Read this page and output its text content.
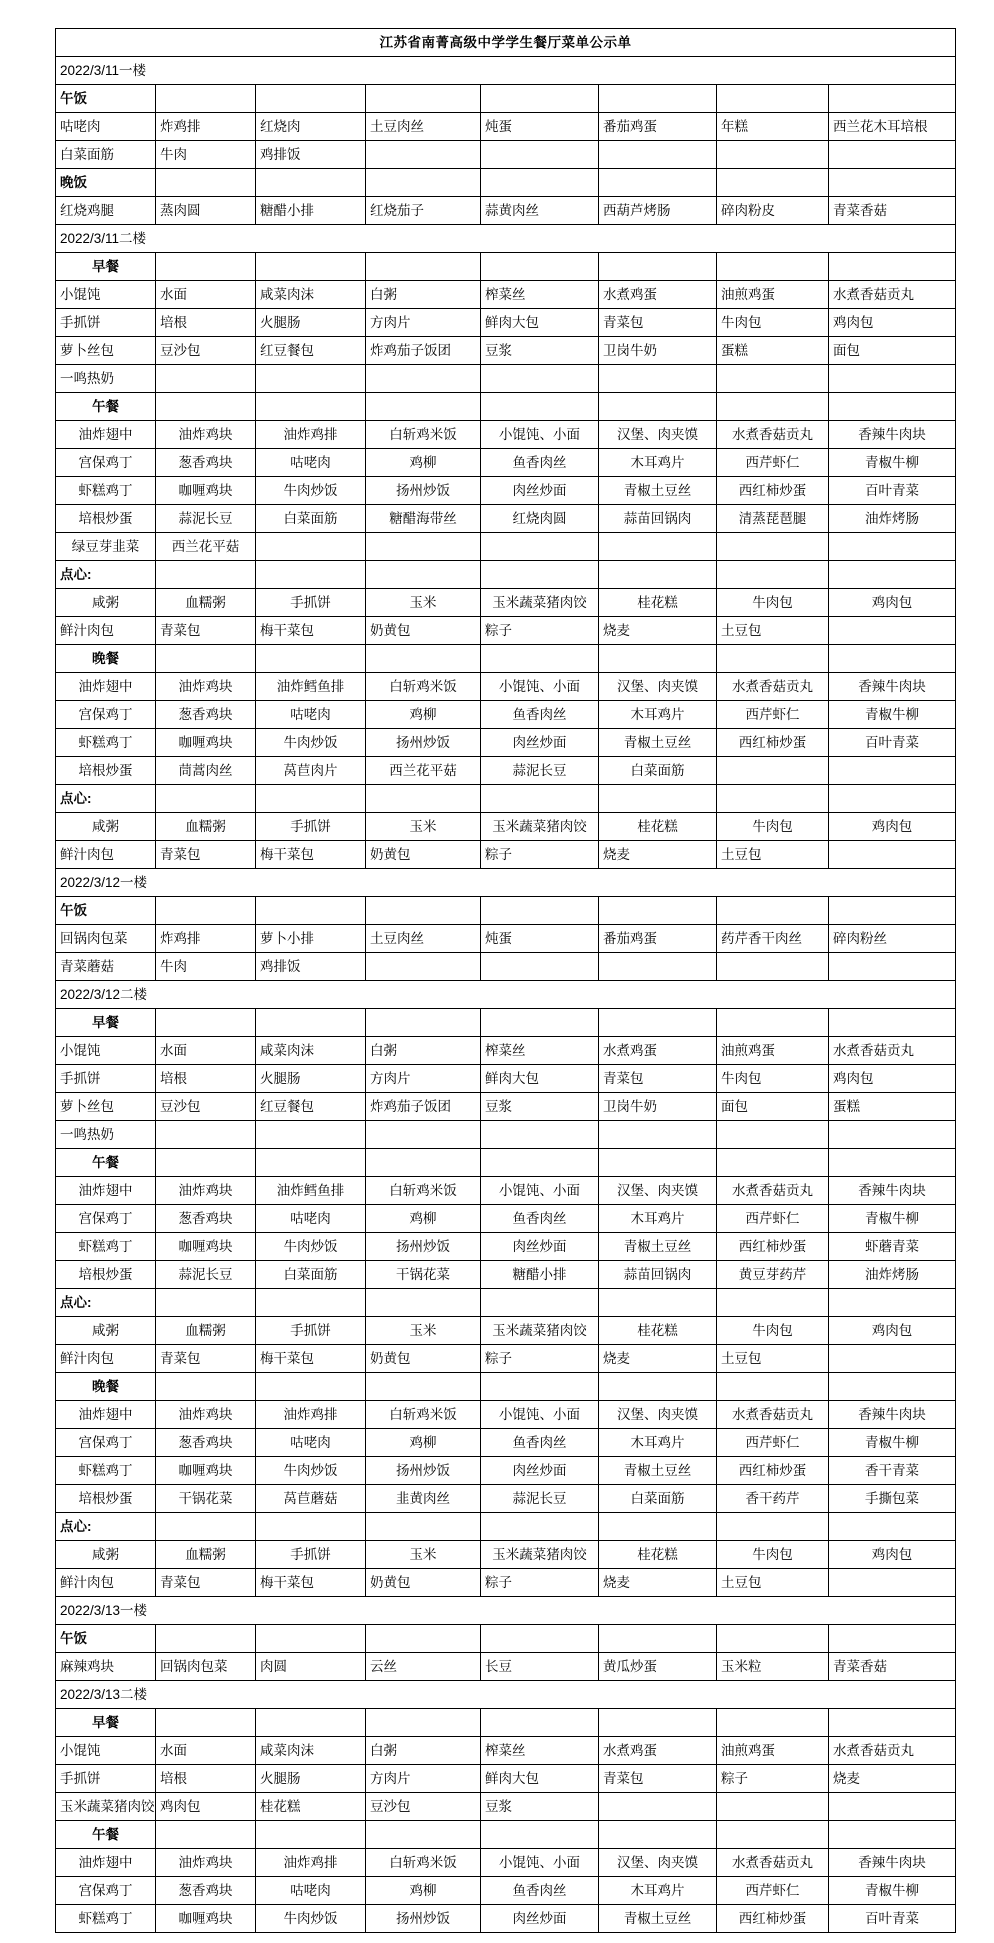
江苏省南菁高级中学学生餐厅菜单公示单							
2022/3/11一楼							
午饭							
咕咾肉	炸鸡排	红烧肉	土豆肉丝	炖蛋	番茄鸡蛋	年糕	西兰花木耳培根
白菜面筋	牛肉	鸡排饭					
晚饭							
红烧鸡腿	蒸肉圆	糖醋小排	红烧茄子	蒜黄肉丝	西葫芦烤肠	碎肉粉皮	青菜香菇
2022/3/11二楼							
早餐							
小馄饨	水面	咸菜肉沫	白粥	榨菜丝	水煮鸡蛋	油煎鸡蛋	水煮香菇贡丸
手抓饼	培根	火腿肠	方肉片	鲜肉大包	青菜包	牛肉包	鸡肉包
萝卜丝包	豆沙包	红豆餐包	炸鸡茄子饭团	豆浆	卫岗牛奶	蛋糕	面包
一鸣热奶							
午餐							
油炸翅中	油炸鸡块	油炸鸡排	白斩鸡米饭	小馄饨、小面	汉堡、肉夹馍	水煮香菇贡丸	香辣牛肉块
宫保鸡丁	葱香鸡块	咕咾肉	鸡柳	鱼香肉丝	木耳鸡片	西芹虾仁	青椒牛柳
虾糕鸡丁	咖喱鸡块	牛肉炒饭	扬州炒饭	肉丝炒面	青椒土豆丝	西红柿炒蛋	百叶青菜
培根炒蛋	蒜泥长豆	白菜面筋	糖醋海带丝	红烧肉圆	蒜苗回锅肉	清蒸琵琶腿	油炸烤肠
绿豆芽韭菜	西兰花平菇						
点心:							
咸粥	血糯粥	手抓饼	玉米	玉米蔬菜猪肉饺	桂花糕	牛肉包	鸡肉包
鲜汁肉包	青菜包	梅干菜包	奶黄包	粽子	烧麦	土豆包	
晚餐							
油炸翅中	油炸鸡块	油炸鳕鱼排	白斩鸡米饭	小馄饨、小面	汉堡、肉夹馍	水煮香菇贡丸	香辣牛肉块
宫保鸡丁	葱香鸡块	咕咾肉	鸡柳	鱼香肉丝	木耳鸡片	西芹虾仁	青椒牛柳
虾糕鸡丁	咖喱鸡块	牛肉炒饭	扬州炒饭	肉丝炒面	青椒土豆丝	西红柿炒蛋	百叶青菜
培根炒蛋	茼蒿肉丝	莴苣肉片	西兰花平菇	蒜泥长豆	白菜面筋		
点心:							
咸粥	血糯粥	手抓饼	玉米	玉米蔬菜猪肉饺	桂花糕	牛肉包	鸡肉包
鲜汁肉包	青菜包	梅干菜包	奶黄包	粽子	烧麦	土豆包	
2022/3/12一楼							
午饭							
回锅肉包菜	炸鸡排	萝卜小排	土豆肉丝	炖蛋	番茄鸡蛋	药芹香干肉丝	碎肉粉丝
青菜蘑菇	牛肉	鸡排饭					
2022/3/12二楼							
早餐							
小馄饨	水面	咸菜肉沫	白粥	榨菜丝	水煮鸡蛋	油煎鸡蛋	水煮香菇贡丸
手抓饼	培根	火腿肠	方肉片	鲜肉大包	青菜包	牛肉包	鸡肉包
萝卜丝包	豆沙包	红豆餐包	炸鸡茄子饭团	豆浆	卫岗牛奶	面包	蛋糕
一鸣热奶							
午餐							
油炸翅中	油炸鸡块	油炸鳕鱼排	白斩鸡米饭	小馄饨、小面	汉堡、肉夹馍	水煮香菇贡丸	香辣牛肉块
宫保鸡丁	葱香鸡块	咕咾肉	鸡柳	鱼香肉丝	木耳鸡片	西芹虾仁	青椒牛柳
虾糕鸡丁	咖喱鸡块	牛肉炒饭	扬州炒饭	肉丝炒面	青椒土豆丝	西红柿炒蛋	虾蘑青菜
培根炒蛋	蒜泥长豆	白菜面筋	干锅花菜	糖醋小排	蒜苗回锅肉	黄豆芽药芹	油炸烤肠
点心:							
咸粥	血糯粥	手抓饼	玉米	玉米蔬菜猪肉饺	桂花糕	牛肉包	鸡肉包
鲜汁肉包	青菜包	梅干菜包	奶黄包	粽子	烧麦	土豆包	
晚餐							
油炸翅中	油炸鸡块	油炸鸡排	白斩鸡米饭	小馄饨、小面	汉堡、肉夹馍	水煮香菇贡丸	香辣牛肉块
宫保鸡丁	葱香鸡块	咕咾肉	鸡柳	鱼香肉丝	木耳鸡片	西芹虾仁	青椒牛柳
虾糕鸡丁	咖喱鸡块	牛肉炒饭	扬州炒饭	肉丝炒面	青椒土豆丝	西红柿炒蛋	香干青菜
培根炒蛋	干锅花菜	莴苣蘑菇	韭黄肉丝	蒜泥长豆	白菜面筋	香干药芹	手撕包菜
点心:							
咸粥	血糯粥	手抓饼	玉米	玉米蔬菜猪肉饺	桂花糕	牛肉包	鸡肉包
鲜汁肉包	青菜包	梅干菜包	奶黄包	粽子	烧麦	土豆包	
2022/3/13一楼							
午饭							
麻辣鸡块	回锅肉包菜	肉圆	云丝	长豆	黄瓜炒蛋	玉米粒	青菜香菇
2022/3/13二楼							
早餐							
小馄饨	水面	咸菜肉沫	白粥	榨菜丝	水煮鸡蛋	油煎鸡蛋	水煮香菇贡丸
手抓饼	培根	火腿肠	方肉片	鲜肉大包	青菜包	粽子	烧麦
玉米蔬菜猪肉饺	鸡肉包	桂花糕	豆沙包	豆浆			
午餐							
油炸翅中	油炸鸡块	油炸鸡排	白斩鸡米饭	小馄饨、小面	汉堡、肉夹馍	水煮香菇贡丸	香辣牛肉块
宫保鸡丁	葱香鸡块	咕咾肉	鸡柳	鱼香肉丝	木耳鸡片	西芹虾仁	青椒牛柳
虾糕鸡丁	咖喱鸡块	牛肉炒饭	扬州炒饭	肉丝炒面	青椒土豆丝	西红柿炒蛋	百叶青菜
